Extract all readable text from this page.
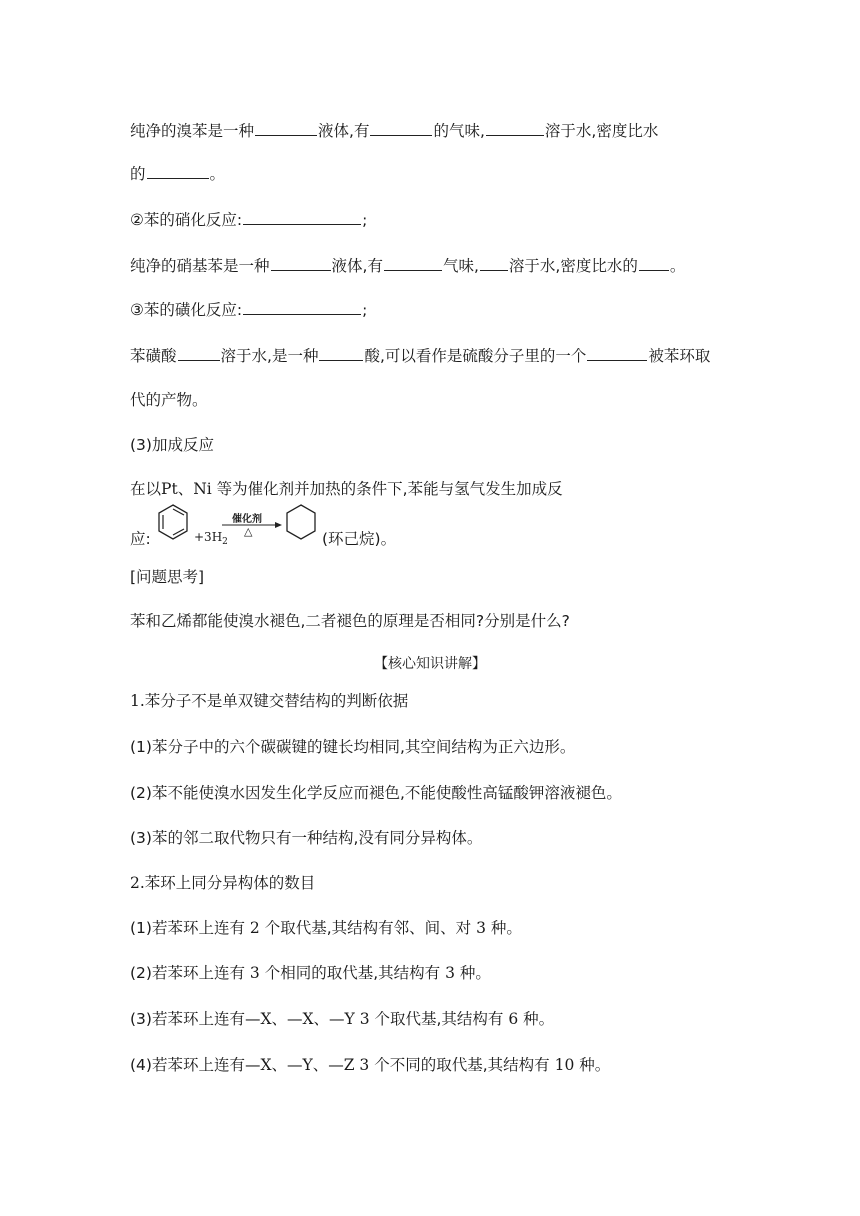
纯净的溴苯是一种	液体,有	的气味,	溶于水,密度比水
的	。
②苯的硝化反应:	;
纯净的硝基苯是一种	液体,有	气味, 溶于水,密度比水的 。
③苯的磺化反应:	;
苯磺酸	溶于水,是一种	酸,可以看作是硫酸分子里的一个	被苯环取
代的产物。
(3)加成反应
在以Pt、Ni 等为催化剂并加热的条件下,苯能与氢气发生加成反
应:	$+3H_2$
催化剂
△	(环己烷)。
[问题思考]
苯和乙烯都能使溴水褪色,二者褪色的原理是否相同?分别是什么?
【核心知识讲解】
1.苯分子不是单双键交替结构的判断依据
(1)苯分子中的六个碳碳键的键长均相同,其空间结构为正六边形。
(2)苯不能使溴水因发生化学反应而褪色,不能使酸性高锰酸钾溶液褪色。
(3)苯的邻二取代物只有一种结构,没有同分异构体。
2.苯环上同分异构体的数目
(1)若苯环上连有 2 个取代基,其结构有邻、间、对 3 种。
(2)若苯环上连有 3 个相同的取代基,其结构有 3 种。
(3)若苯环上连有—X、—X、—Y 3 个取代基,其结构有 6 种。
(4)若苯环上连有—X、—Y、—Z 3 个不同的取代基,其结构有 10 种。
